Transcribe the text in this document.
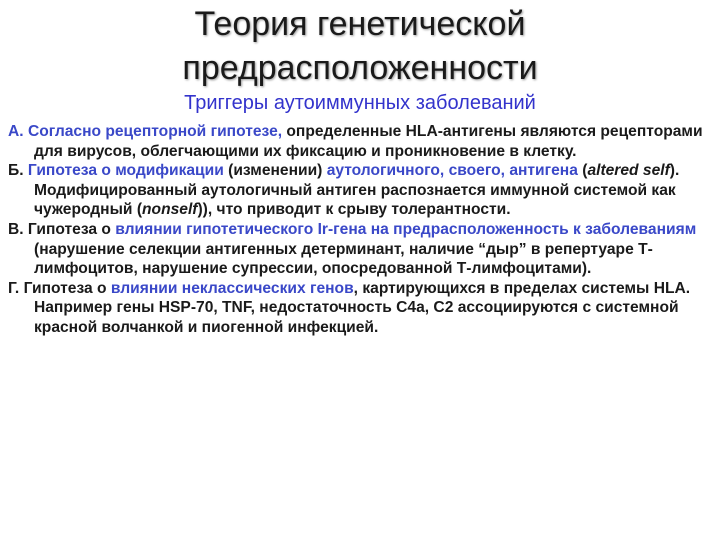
Теория генетической
предрасположенности
Триггеры аутоиммунных заболеваний

А. Согласно рецепторной гипотезе, определенные HLA-антигены являются рецепторами для вирусов, облегчающими их фиксацию и проникновение в клетку.

Б. Гипотеза о модификации (изменении) аутологичного, своего, антигена (altered self). Модифицированный аутологичный антиген распознается иммунной системой как чужеродный (nonself)), что приводит к срыву толерантности.

В. Гипотеза о влиянии гипотетического Ir-гена на предрасположенность к заболеваниям (нарушение селекции антигенных детерминант, наличие “дыр” в репертуаре Т-лимфоцитов, нарушение супрессии, опосредованной Т-лимфоцитами).

Г. Гипотеза о влиянии неклассических генов, картирующихся в пределах системы HLA. Например гены HSP-70, TNF, недостаточность С4а, С2 ассоциируются с системной красной волчанкой и пиогенной инфекцией.
